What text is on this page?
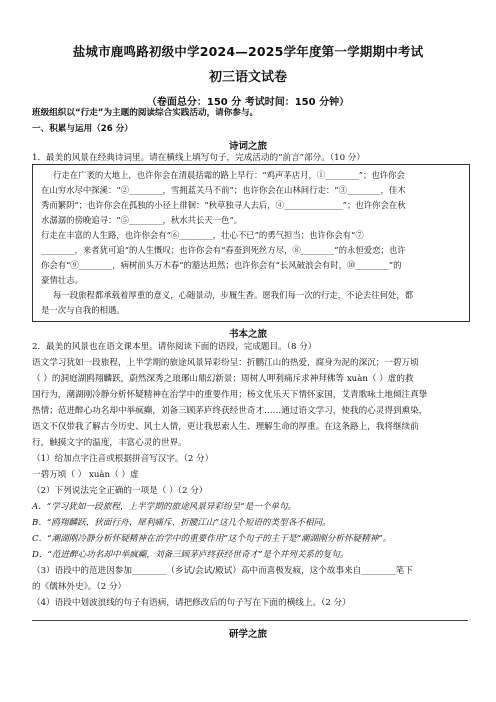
盐城市鹿鸣路初级中学2024—2025学年度第一学期期中考试
初三语文试卷
（卷面总分：150 分 考试时间：150 分钟）
班级组织以“行走”为主题的阅读综合实践活动，请你参与。
一、积累与运用（26 分）
诗词之旅
1．最美的风景在经典诗词里。请在横线上填写句子，完成活动的“前言”部分。（10 分）
行走在广袤的大地上，也许你会在清晨括霜的路上早行：“鸡声茅店月，①________”；也许你会
在山穷水尽中探溪：“②________，雪拥蓝关马不前”；也许你会在山林间行走：“③________，佳木
秀而繁阴”；也许你会在孤独的小径上徘徊：“秋草独寻人去后，④______________”；也许你会在秋
水潺潺的傍晚追寻：“⑤________，秋水共长天一色”。
行走在丰富的人生路，也许你会有“⑥________，壮心不已”的勇气担当；也许你会有“⑦
________，来者犹可追”的人生慨叹；也许你会有“春蚕到死丝方尽，⑧________”的永恒爱恋；也许
你会有“⑨________，病树前头万木春”的豁达坦然；也许你会有“长风破浪会有时，⑩________”的
豪情壮志。
每一段旅程都承载着厚重的意义，心随景动，步履生香。愿我们每一次的行走，不论去往何处，都
是一次与自我的相遇。
书本之旅
2．最美的风景也在语文课本里。请你阅读下面的语段，完成题目。（8 分）
语文学习犹如一段旅程，上半学期的旅途风景异彩纷呈：折鹏江山的热爱，腐身为泥的深沉；一碧万顷
（ ）的洞庭湖鸥翔麟跃，蔚然深秀之琅琊山鼎幻新景；周树人呷利痛斥求神拜佛等 xuàn（ ）虚的救
国行为，潮湖刚冷静分析怀疑精神在治学中的重要作用；杨文优乐天下情怀家国，艾青歌咏土地倾注真挚
热情；范进醉心功名却中举疯癫，刘备三顾茅庐终获经世奇才……通过语文学习，使我的心灵得到熏染，
语文不仅带我了解古今历史、风土人情，更让我思索人生、理解生命的厚重。在这条路上，我将继续前
行，触摸文字的温度，丰富心灵的世界。
（1）给加点字注音或根据拼音写汉字。（2 分）
一碧万顷（ ） xuàn（ ）虚
（2）下列说法完全正确的一项是（ ）（2 分）
A．“学习犹如一段旅程，上半学期的旅途风景异彩纷呈”是一个单句。
B．“鸥翔麟跃、狄面行舟、犀利痛斥、折腰江山”这几个短语的类型各不相同。
C．“潮湖刚冷静分析怀疑精神在治学中的重要作用”这个句子的主干是“潮湖刚分析怀疑精神”。
D．“范进醉心功名却中举疯癫，刘备三顾茅庐终获经世奇才”是个并列关系的复句。
（3）语段中的范进因参加________（乡试/会试/殿试）高中而喜极发疯，这个故事来自________笔下
的《儒林外史》。（2 分）
（4）语段中划波浪线的句子有语病，请把修改后的句子写在下面的横线上。（2 分）
研学之旅
